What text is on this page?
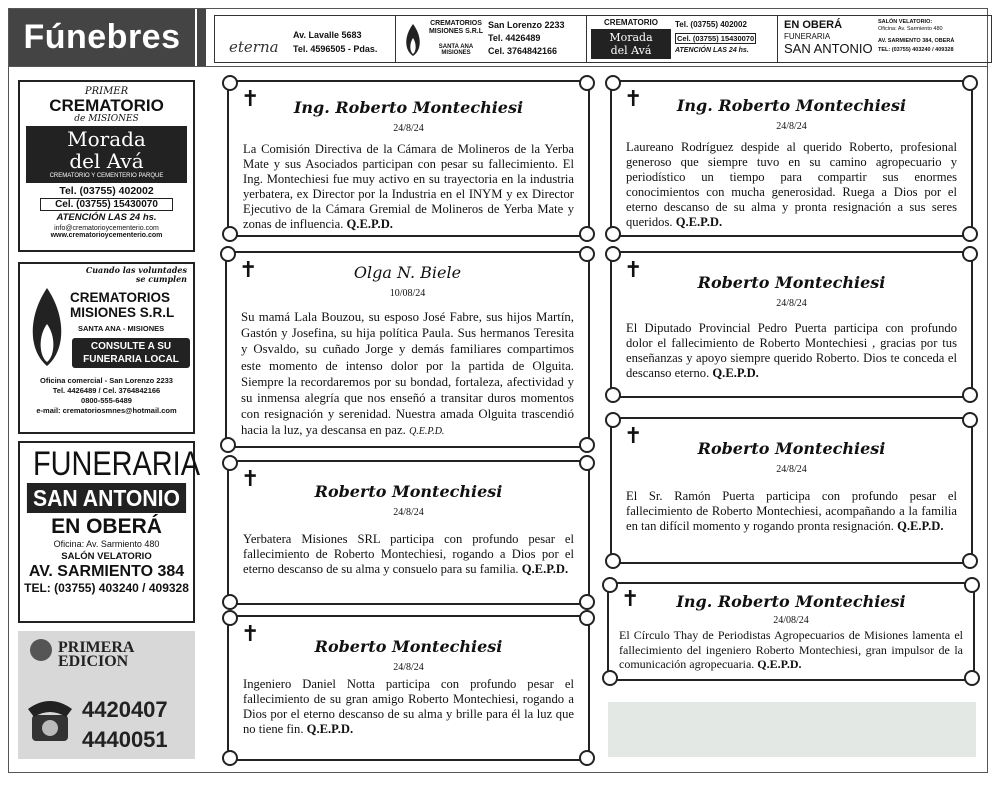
Fúnebres	eterna
Av. Lavalle 5683
Tel. 4596505 - Pdas.
CREMATORIOS MISIONES S.R.L
SANTA ANA MISIONES
San Lorenzo 2233
Tel. 4426489
Cel. 3764842166
CREMATORIO
Morada
del Avá
Tel. (03755) 402002
Cel. (03755) 15430070
ATENCIÓN LAS 24 hs.
EN OBERÁ
FUNERARIA
SAN ANTONIO
SALÓN VELATORIO:
Oficina: Av. Sarmiento 480
AV. SARMIENTO 384, OBERÁ
TEL: (03755) 403240 / 409328
PRIMER
CREMATORIO
de MISIONES
Morada
del Avá
CREMATORIO Y CEMENTERIO PARQUE
Tel. (03755) 402002
Cel. (03755) 15430070
ATENCIÓN LAS 24 hs.
info@crematorioycementerio.com
www.crematorioycementerio.com
Cuando las voluntades
se cumplen
CREMATORIOS
MISIONES S.R.L
SANTA ANA - MISIONES
CONSULTE A SU
FUNERARIA LOCAL
Oficina comercial - San Lorenzo 2233
Tel. 4426489 / Cel. 3764842166
0800-555-6489
e-mail: crematoriosmnes@hotmail.com
FUNERARIA
SAN ANTONIO
EN OBERÁ
Oficina: Av. Sarmiento 480
SALÓN VELATORIO
AV. SARMIENTO 384
TEL: (03755) 403240 / 409328
PRIMERA
EDICION
4420407
4440051
✝	Ing. Roberto Montechiesi
24/8/24
La Comisión Directiva de la Cámara de Molineros de la Yerba Mate y sus Asociados participan con pesar su fallecimiento. El Ing. Montechiesi fue muy activo en su trayectoria en la industria yerbatera, ex Director por la Industria en el INYM y ex Director Ejecutivo de la Cámara Gremial de Molineros de Yerba Mate y zonas de influencia. Q.E.P.D.
✝	Olga N. Biele
10/08/24
Su mamá Lala Bouzou, su esposo José Fabre, sus hijos Martín, Gastón y Josefina, su hija política Paula. Sus hermanos Teresita y Osvaldo, su cuñado Jorge y demás familiares compartimos este momento de intenso dolor por la partida de Olguita. Siempre la recordaremos por su bondad, fortaleza, afectividad y su inmensa alegría que nos enseñó a transitar duros momentos con resignación y serenidad. Nuestra amada Olguita trascendió hacia la luz, ya descansa en paz. Q.E.P.D.
✝
Roberto Montechiesi
24/8/24
Yerbatera Misiones SRL participa con profundo pesar el fallecimiento de Roberto Montechiesi, rogando a Dios por el eterno descanso de su alma y consuelo para su familia. Q.E.P.D.
✝
Roberto Montechiesi
24/8/24
Ingeniero Daniel Notta participa con profundo pesar el fallecimiento de su gran amigo Roberto Montechiesi, rogando a Dios por el eterno descanso de su alma y brille para él la luz que no tiene fin. Q.E.P.D.
✝	Ing. Roberto Montechiesi
24/8/24
Laureano Rodríguez despide al querido Roberto, profesional generoso que siempre tuvo en su camino agropecuario y periodístico un tiempo para compartir sus enormes conocimientos con mucha generosidad. Ruega a Dios por el eterno descanso de su alma y pronta resignación a sus seres queridos. Q.E.P.D.
✝
Roberto Montechiesi
24/8/24
El Diputado Provincial Pedro Puerta participa con profundo dolor el fallecimiento de Roberto Montechiesi , gracias por tus enseñanzas y apoyo siempre querido Roberto. Dios te conceda el descanso eterno. Q.E.P.D.
✝
Roberto Montechiesi
24/8/24
El Sr. Ramón Puerta participa con profundo pesar el fallecimiento de Roberto Montechiesi, acompañando a la familia en tan difícil momento y rogando pronta resignación. Q.E.P.D.
✝	Ing. Roberto Montechiesi
24/08/24
El Círculo Thay de Periodistas Agropecuarios de Misiones lamenta el fallecimiento del ingeniero Roberto Montechiesi, gran impulsor de la comunicación agropecuaria. Q.E.P.D.
